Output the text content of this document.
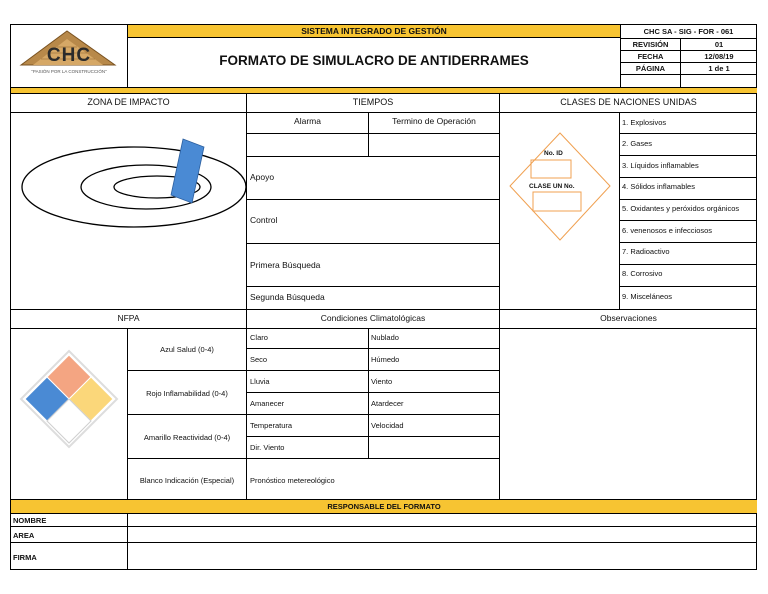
CHC
"PASIÓN POR LA CONSTRUCCIÓN"
SISTEMA INTEGRADO DE GESTIÓN
FORMATO DE SIMULACRO DE ANTIDERRAMES
CHC SA - SIG - FOR - 061
REVISIÓN	01
FECHA	12/08/19
PÁGINA	1 de 1
ZONA DE IMPACTO	TIEMPOS	CLASES DE NACIONES UNIDAS
Alarma	Termino de Operación
Apoyo
Control
Primera Búsqueda
Segunda Búsqueda
No. ID
CLASE UN No.
1. Explosivos
2. Gases
3. Líquidos inflamables
4. Sólidos inflamables
5. Oxidantes y peróxidos orgánicos
6. venenosos e infecciosos
7. Radioactivo
8. Corrosivo
9. Misceláneos
NFPA	Condiciones Climatológicas	Observaciones
Azul Salud (0-4)
Rojo Inflamabilidad (0-4)
Amarillo Reactividad (0-4)
Blanco Indicación (Especial)
Claro	Nublado
Seco	Húmedo
Lluvia	Viento
Amanecer	Atardecer
Temperatura	Velocidad
Dir. Viento
Pronóstico metereológico
RESPONSABLE DEL FORMATO
NOMBRE
AREA
FIRMA
